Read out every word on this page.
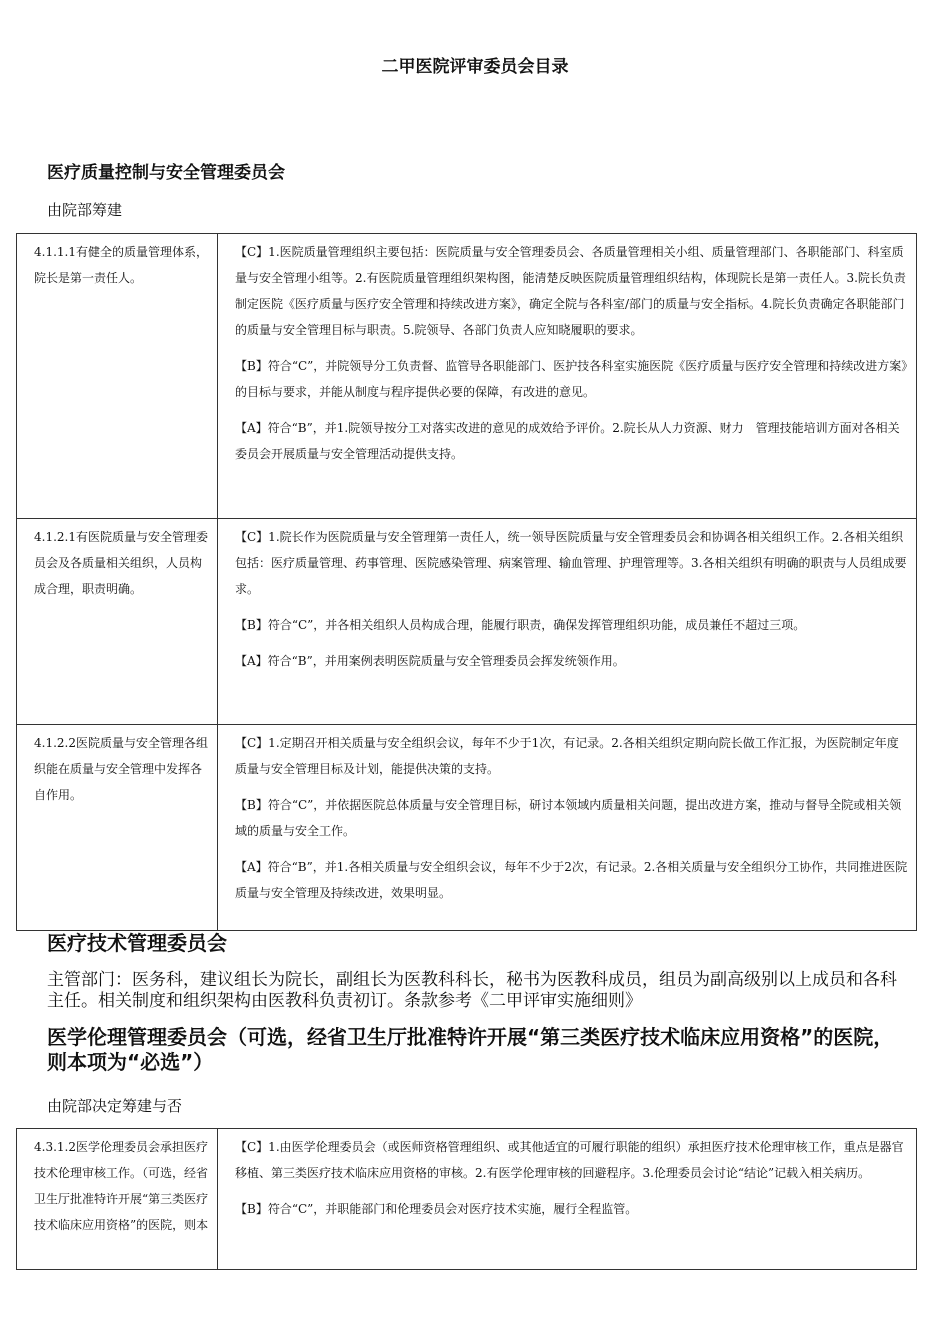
二甲医院评审委员会目录
医疗质量控制与安全管理委员会
由院部筹建
4.1.1.1有健全的质量管理体系，院长是第一责任人。	【C】1.医院质量管理组织主要包括：医院质量与安全管理委员会、各质量管理相关小组、质量管理部门、各职能部门、科室质量与安全管理小组等。2.有医院质量管理组织架构图，能清楚反映医院质量管理组织结构，体现院长是第一责任人。3.院长负责制定医院《医疗质量与医疗安全管理和持续改进方案》，确定全院与各科室/部门的质量与安全指标。4.院长负责确定各职能部门的质量与安全管理目标与职责。5.院领导、各部门负责人应知晓履职的要求。
【B】符合“C”，并院领导分工负责督、监管导各职能部门、医护技各科室实施医院《医疗质量与医疗安全管理和持续改进方案》的目标与要求，并能从制度与程序提供必要的保障，有改进的意见。
【A】符合“B”，并1.院领导按分工对落实改进的意见的成效给予评价。2.院长从人力资源、财力　管理技能培训方面对各相关委员会开展质量与安全管理活动提供支持。

4.1.2.1有医院质量与安全管理委员会及各质量相关组织，人员构成合理，职责明确。	【C】1.院长作为医院质量与安全管理第一责任人，统一领导医院质量与安全管理委员会和协调各相关组织工作。2.各相关组织包括：医疗质量管理、药事管理、医院感染管理、病案管理、输血管理、护理管理等。3.各相关组织有明确的职责与人员组成要求。
【B】符合“C”，并各相关组织人员构成合理，能履行职责，确保发挥管理组织功能，成员兼任不超过三项。
【A】符合“B”，并用案例表明医院质量与安全管理委员会挥发统领作用。

4.1.2.2医院质量与安全管理各组织能在质量与安全管理中发挥各自作用。	【C】1.定期召开相关质量与安全组织会议，每年不少于1次，有记录。2.各相关组织定期向院长做工作汇报，为医院制定年度质量与安全管理目标及计划，能提供决策的支持。
【B】符合“C”，并依据医院总体质量与安全管理目标，研讨本领域内质量相关问题，提出改进方案，推动与督导全院或相关领域的质量与安全工作。
【A】符合“B”，并1.各相关质量与安全组织会议，每年不少于2次，有记录。2.各相关质量与安全组织分工协作，共同推进医院质量与安全管理及持续改进，效果明显。
医疗技术管理委员会
主管部门：医务科，建议组长为院长，副组长为医教科科长，秘书为医教科成员，组员为副高级别以上成员和各科主任。相关制度和组织架构由医教科负责初订。条款参考《二甲评审实施细则》
医学伦理管理委员会（可选，经省卫生厅批准特许开展“第三类医疗技术临床应用资格”的医院，则本项为“必选”）
由院部决定筹建与否
4.3.1.2医学伦理委员会承担医疗技术伦理审核工作。（可选，经省卫生厅批准特许开展“第三类医疗技术临床应用资格”的医院，则本

【C】1.由医学伦理委员会（或医师资格管理组织、或其他适宜的可履行职能的组织）承担医疗技术伦理审核工作，重点是器官移植、第三类医疗技术临床应用资格的审核。2.有医学伦理审核的回避程序。3.伦理委员会讨论“结论”记载入相关病历。
【B】符合“C”，并职能部门和伦理委员会对医疗技术实施，履行全程监管。
